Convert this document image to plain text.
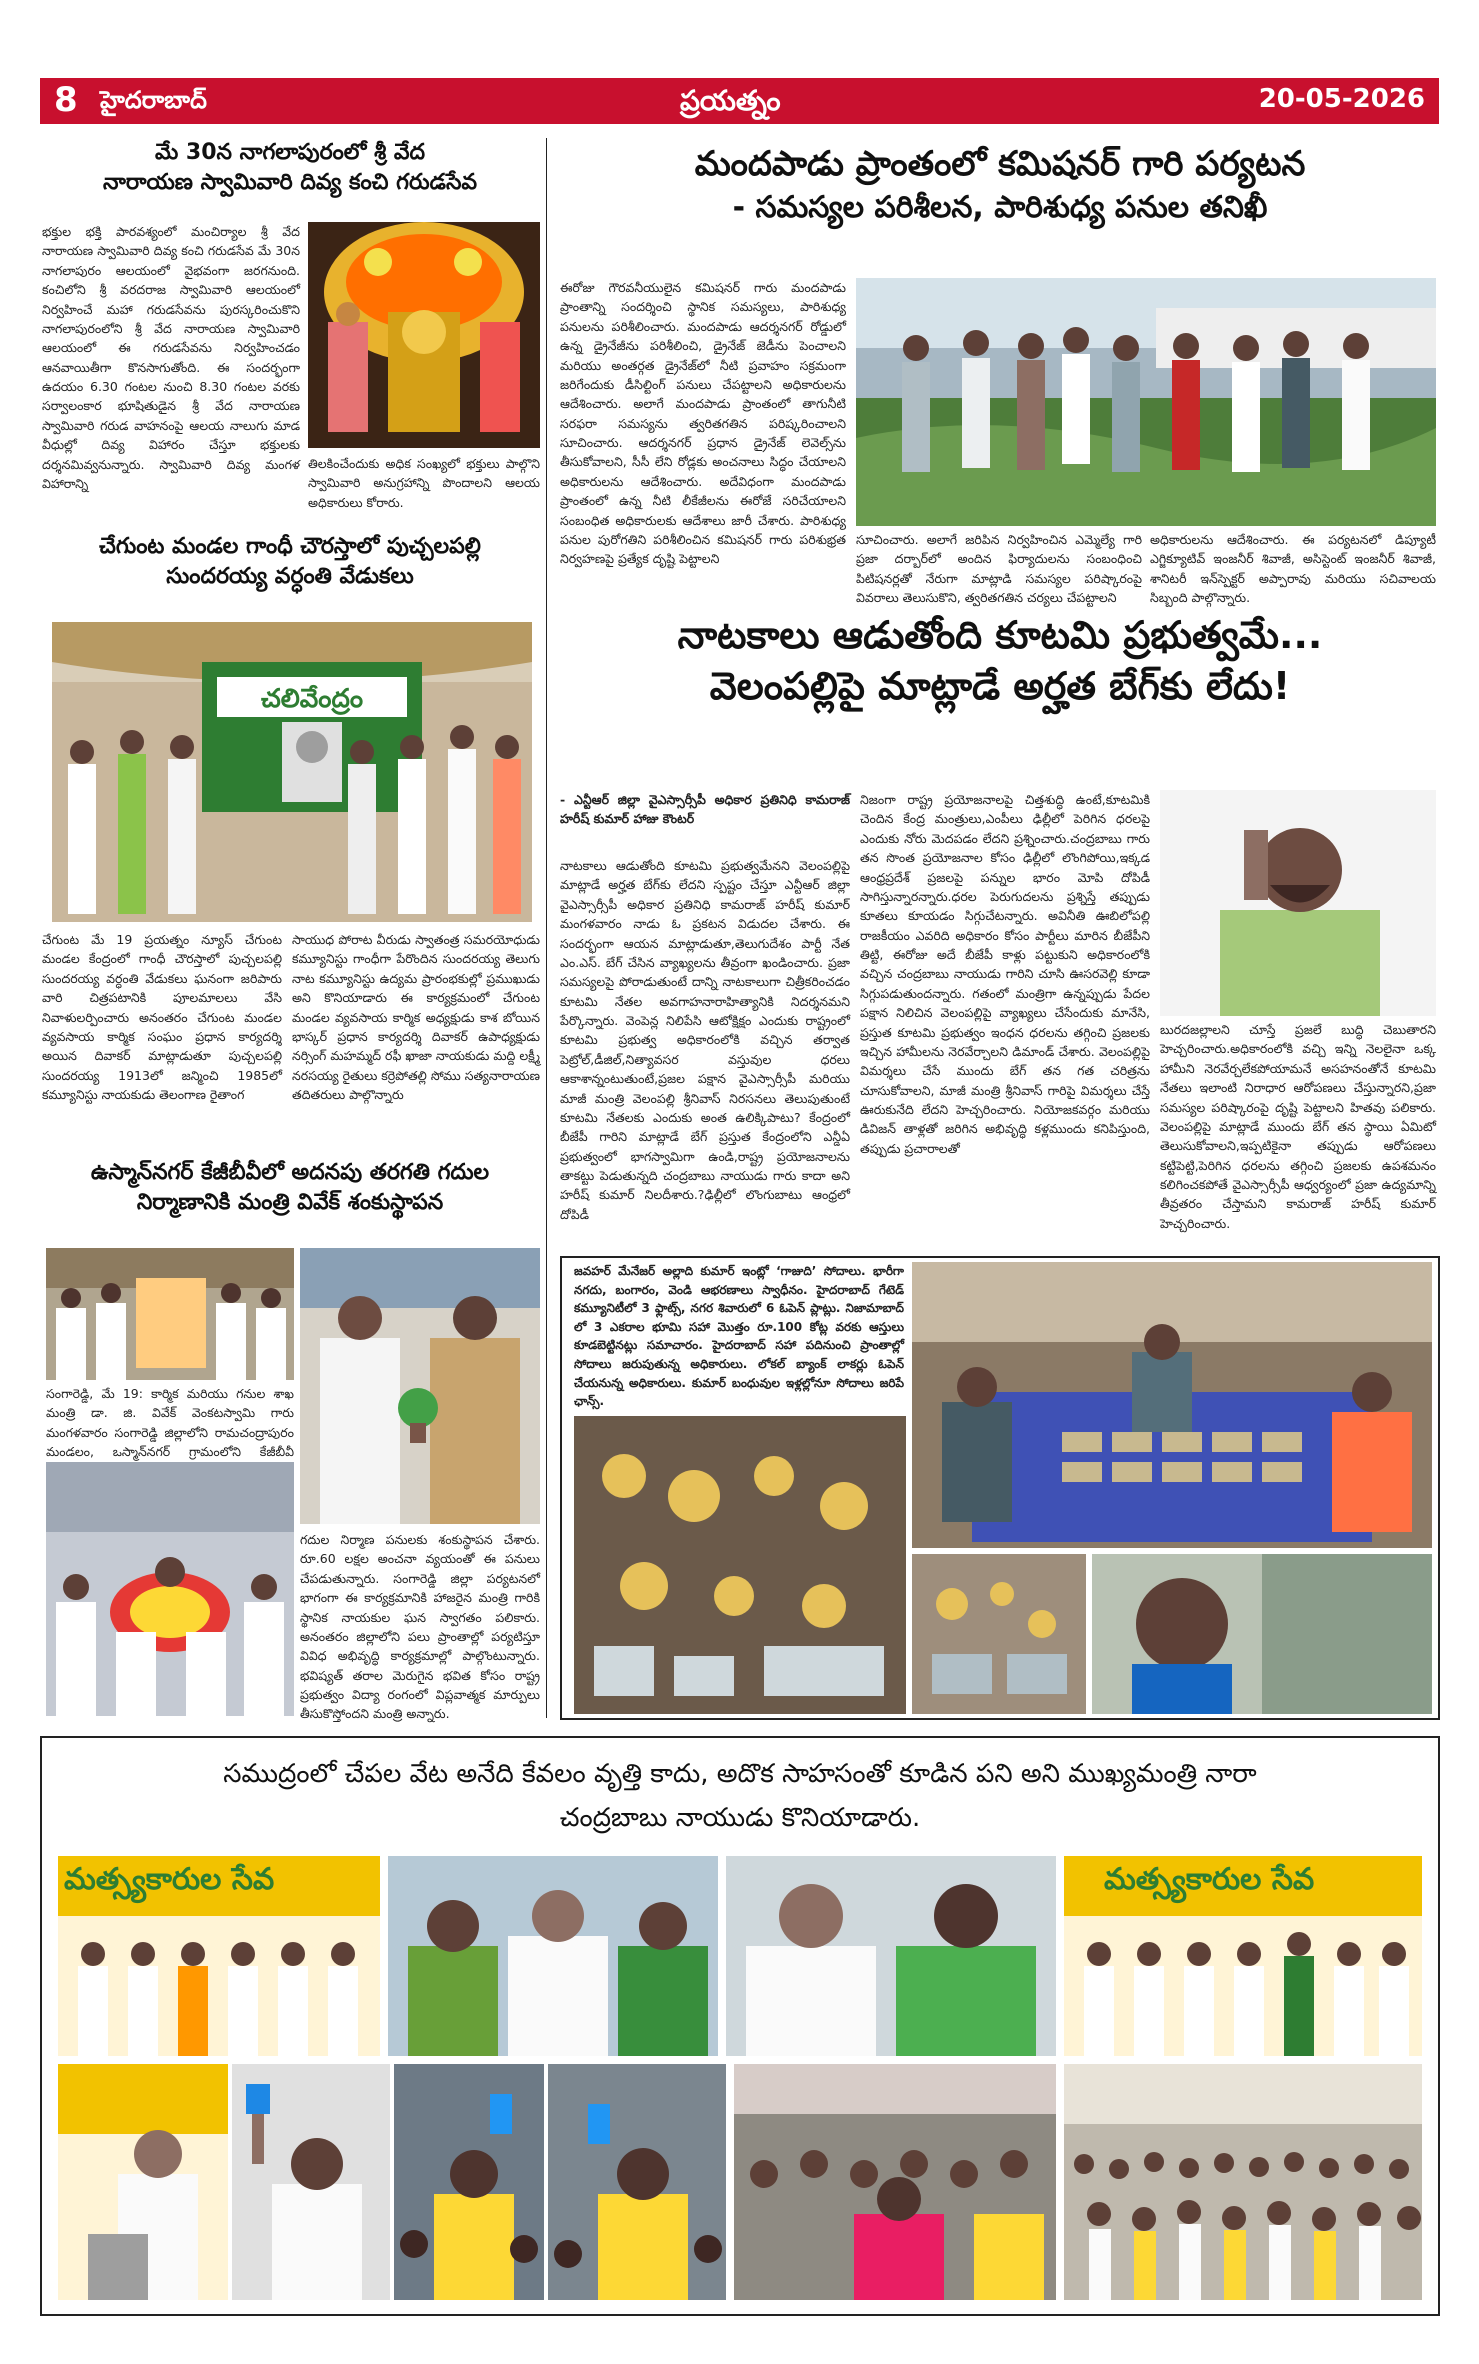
8 హైదరాబాద్	ప్రయత్నం	20-05-2026
మే 30న నాగలాపురంలో శ్రీ వేద
నారాయణ స్వామివారి దివ్య కంచి గరుడసేవ
భక్తుల భక్తి పారవశ్యంలో మంచిర్యాల శ్రీ వేద నారాయణ స్వామివారి దివ్య కంచి గరుడసేవ మే 30న నాగలాపురం ఆలయంలో వైభవంగా జరగనుంది. కంచిలోని శ్రీ వరదరాజ స్వామివారి ఆలయంలో నిర్వహించే మహా గరుడసేవను పురస్కరించుకొని నాగలాపురంలోని శ్రీ వేద నారాయణ స్వామివారి ఆలయంలో ఈ గరుడసేవను నిర్వహించడం ఆనవాయితీగా కొనసాగుతోంది. ఈ సందర్భంగా ఉదయం 6.30 గంటల నుంచి 8.30 గంటల వరకు సర్వాలంకార భూషితుడైన శ్రీ వేద నారాయణ స్వామివారి గరుడ వాహనంపై ఆలయ నాలుగు మాడ వీధుల్లో దివ్య విహారం చేస్తూ భక్తులకు దర్శనమివ్వనున్నారు. స్వామివారి దివ్య మంగళ విహారాన్ని
తిలకించేందుకు అధిక సంఖ్యలో భక్తులు పాల్గొని స్వామివారి అనుగ్రహాన్ని పొందాలని ఆలయ అధికారులు కోరారు.
చేగుంట మండల గాంధీ చౌరస్తాలో పుచ్చలపల్లి
సుందరయ్య వర్ధంతి వేడుకలు
చలివేంద్రం
చేగుంట మే 19 ప్రయత్నం న్యూస్ చేగుంట మండల కేంద్రంలో గాంధీ చౌరస్తాలో పుచ్చలపల్లి సుందరయ్య వర్ధంతి వేడుకలు ఘనంగా జరిపారు వారి చిత్రపటానికి పూలమాలలు వేసి నివాళులర్పించారు అనంతరం చేగుంట మండల వ్యవసాయ కార్మిక సంఘం ప్రధాన కార్యదర్శి అయిన దివాకర్ మాట్లాడుతూ పుచ్చలపల్లి సుందరయ్య 1913లో జన్మించి 1985లో కమ్యూనిస్టు నాయకుడు తెలంగాణ రైతాంగ
సాయుధ పోరాట వీరుడు స్వాతంత్ర సమరయోధుడు కమ్యూనిస్టు గాంధీగా పేరొందిన సుందరయ్య తెలుగు నాట కమ్యూనిస్టు ఉద్యమ ప్రారంభకుల్లో ప్రముఖుడు అని కొనియాడారు ఈ కార్యక్రమంలో చేగుంట మండల వ్యవసాయ కార్మిక అధ్యక్షుడు కాశ బోయిన భాస్కర్ ప్రధాన కార్యదర్శి దివాకర్ ఉపాధ్యక్షుడు నర్సింగ్ మహమ్మద్ రఫీ ఖాజా నాయకుడు మద్ది లక్ష్మీ నరసయ్య రైతులు కర్రెపోతల్లి సోము సత్యనారాయణ తదితరులు పాల్గొన్నారు
ఉస్మాన్‌నగర్ కేజీబీవీలో అదనపు తరగతి గదుల
నిర్మాణానికి మంత్రి వివేక్ శంకుస్థాపన
సంగారెడ్డి, మే 19: కార్మిక మరియు గనుల శాఖ మంత్రి డా. జి. వివేక్ వెంకటస్వామి గారు మంగళవారం సంగారెడ్డి జిల్లాలోని రామచంద్రాపురం మండలం, ఒస్మాన్‌నగర్ గ్రామంలోని కేజీబీవీ
గదుల నిర్మాణ పనులకు శంకుస్థాపన చేశారు. రూ.60 లక్షల అంచనా వ్యయంతో ఈ పనులు చేపడుతున్నారు. సంగారెడ్డి జిల్లా పర్యటనలో భాగంగా ఈ కార్యక్రమానికి హాజరైన మంత్రి గారికి స్థానిక నాయకుల ఘన స్వాగతం పలికారు. అనంతరం జిల్లాలోని పలు ప్రాంతాల్లో పర్యటిస్తూ వివిధ అభివృద్ధి కార్యక్రమాల్లో పాల్గొంటున్నారు. భవిష్యత్ తరాల మెరుగైన భవిత కోసం రాష్ట్ర ప్రభుత్వం విద్యా రంగంలో విప్లవాత్మక మార్పులు తీసుకొస్తోందని మంత్రి అన్నారు.
మందపాడు ప్రాంతంలో కమిషనర్ గారి పర్యటన
- సమస్యల పరిశీలన, పారిశుధ్య పనుల తనిఖీ
ఈరోజు గౌరవనీయులైన కమిషనర్ గారు మందపాడు ప్రాంతాన్ని సందర్శించి స్థానిక సమస్యలు, పారిశుధ్య పనులను పరిశీలించారు. మందపాడు ఆదర్శనగర్ రోడ్డులో ఉన్న డ్రైనేజీను పరిశీలించి, డ్రైనేజ్ జెడీను పెంచాలని మరియు అంతర్గత డ్రైనేజ్‌లో నీటి ప్రవాహం సక్రమంగా జరిగేందుకు డీసిల్టింగ్ పనులు చేపట్టాలని అధికారులను ఆదేశించారు. అలాగే మందపాడు ప్రాంతంలో తాగునీటి సరఫరా సమస్యను త్వరితగతిన పరిష్కరించాలని సూచించారు. ఆదర్శనగర్ ప్రధాన డ్రైనేజ్ లెవెల్స్‌ను తీసుకోవాలని, సీసీ లేని రోడ్లకు అంచనాలు సిద్ధం చేయాలని అధికారులను ఆదేశించారు. అదేవిధంగా మందపాడు ప్రాంతంలో ఉన్న నీటి లీకేజీలను ఈరోజే సరిచేయాలని సంబంధిత అధికారులకు ఆదేశాలు జారీ చేశారు. పారిశుధ్య పనుల పురోగతిని పరిశీలించిన కమిషనర్ గారు పరిశుభ్రత నిర్వహణపై ప్రత్యేక దృష్టి పెట్టాలని
సూచించారు. అలాగే జరిపిన నిర్వహించిన ఎమ్మెల్యే గారి ప్రజా దర్బార్‌లో అందిన ఫిర్యాదులను సంబంధించి పిటిషనర్లతో నేరుగా మాట్లాడి సమస్యల పరిష్కారంపై వివరాలు తెలుసుకొని, త్వరితగతిన చర్యలు చేపట్టాలని
అధికారులను ఆదేశించారు. ఈ పర్యటనలో డిప్యూటీ ఎగ్జిక్యూటివ్ ఇంజనీర్ శివాజీ, అసిస్టెంట్ ఇంజనీర్ శివాజీ, శానిటరీ ఇన్‌స్పెక్టర్ అప్పారావు మరియు సచివాలయ సిబ్బంది పాల్గొన్నారు.
నాటకాలు ఆడుతోంది కూటమి ప్రభుత్వమే...
వెలంపల్లిపై మాట్లాడే అర్హత బేగ్‌కు లేదు!
- ఎన్టీఆర్ జిల్లా వైఎస్సార్సీపీ అధికార ప్రతినిధి కామరాజ్ హరీష్ కుమార్ హాజు కౌంటర్
నాటకాలు ఆడుతోంది కూటమి ప్రభుత్వమేనని వెలంపల్లిపై మాట్లాడే అర్హత బేగ్‌కు లేదని స్పష్టం చేస్తూ ఎన్టీఆర్ జిల్లా వైఎస్సార్సీపీ అధికార ప్రతినిధి కామరాజ్ హరీష్ కుమార్ మంగళవారం నాడు ఓ ప్రకటన విడుదల చేశారు. ఈ సందర్భంగా ఆయన మాట్లాడుతూ,తెలుగుదేశం పార్టీ నేత ఎం.ఎస్. బేగ్ చేసిన వ్యాఖ్యలను తీవ్రంగా ఖండించారు. ప్రజా సమస్యలపై పోరాడుతుంటే దాన్ని నాటకాలుగా చిత్రీకరించడం కూటమి నేతల అవగాహనారాహిత్యానికి నిదర్శనమని పేర్కొన్నారు. వెంపెన్ల నిలిపేసి ఆటోక్షిక్షం ఎందుకు రాష్ట్రంలో కూటమి ప్రభుత్వ అధికారంలోకి వచ్చిన తర్వాత పెట్రోల్,డీజిల్,నిత్యావసర వస్తువుల ధరలు ఆకాశాన్నంటుతుంటే,ప్రజల పక్షాన వైఎస్సార్సీపీ మరియు మాజీ మంత్రి వెలంపల్లి శ్రీనివాస్ నిరసనలు తెలుపుతుంటే కూటమి నేతలకు ఎందుకు అంత ఉలిక్కిపాటు? కేంద్రంలో బీజేపీ గారిని మాట్లాడే బేగ్ ప్రస్తుత కేంద్రంలోని ఎన్డీఏ ప్రభుత్వంలో భాగస్వామిగా ఉండి,రాష్ట్ర ప్రయోజనాలను తాకట్టు పెడుతున్నది చంద్రబాబు నాయుడు గారు కాదా అని హరీష్ కుమార్ నిలదీశారు.?ఢిల్లీలో లొంగుబాటు ఆంధ్రలో దోపిడీ
నిజంగా రాష్ట్ర ప్రయోజనాలపై చిత్తశుద్ధి ఉంటే,కూటమికి చెందిన కేంద్ర మంత్రులు,ఎంపీలు ఢిల్లీలో పెరిగిన ధరలపై ఎందుకు నోరు మెదపడం లేదని ప్రశ్నించారు.చంద్రబాబు గారు తన సొంత ప్రయోజనాల కోసం ఢిల్లీలో లొంగిపోయి,ఇక్కడ ఆంధ్రప్రదేశ్ ప్రజలపై పన్నుల భారం మోపి దోపిడీ సాగిస్తున్నారన్నారు.ధరల పెరుగుదలను ప్రశ్నిస్తే తప్పుడు కూతలు కూయడం సిగ్గుచేటన్నారు. అవినీతి ఊబిలోపల్లి రాజకీయం ఎవరిది అధికారం కోసం పార్టీలు మారిన బీజేపీని తిట్టి, ఈరోజు అదే బీజేపీ కాళ్లు పట్టుకుని అధికారంలోకి వచ్చిన చంద్రబాబు నాయుడు గారిని చూసి ఊసరవెల్లి కూడా సిగ్గుపడుతుందన్నారు. గతంలో మంత్రిగా ఉన్నప్పుడు పేదల పక్షాన నిలిచిన వెలంపల్లిపై వ్యాఖ్యలు చేసేందుకు మానేసి, ప్రస్తుత కూటమి ప్రభుత్వం ఇంధన ధరలను తగ్గించి ప్రజలకు ఇచ్చిన హామీలను నెరవేర్చాలని డిమాండ్ చేశారు. వెలంపల్లిపై విమర్శలు చేసే ముందు బేగ్ తన గత చరిత్రను చూసుకోవాలని, మాజీ మంత్రి శ్రీనివాస్ గారిపై విమర్శలు చేస్తే ఊరుకునేది లేదని హెచ్చరించారు. నియోజకవర్గం మరియు డివిజన్ తాళ్లతో జరిగిన అభివృద్ధి కళ్లముందు కనిపిస్తుంది, తప్పుడు ప్రచారాలతో
బురదజల్లాలని చూస్తే ప్రజలే బుద్ధి చెబుతారని హెచ్చరించారు.అధికారంలోకి వచ్చి ఇన్ని నెలలైనా ఒక్క హామీని నెరవేర్చలేకపోయామనే అసహనంతోనే కూటమి నేతలు ఇలాంటి నిరాధార ఆరోపణలు చేస్తున్నారని,ప్రజా సమస్యల పరిష్కారంపై దృష్టి పెట్టాలని హితవు పలికారు. వెలంపల్లిపై మాట్లాడే ముందు బేగ్ తన స్థాయి ఏమిటో తెలుసుకోవాలని,ఇప్పటికైనా తప్పుడు ఆరోపణలు కట్టిపెట్టి,పెరిగిన ధరలను తగ్గించి ప్రజలకు ఉపశమనం కలిగించకపోతే వైఎస్సార్సీపీ ఆధ్వర్యంలో ప్రజా ఉద్యమాన్ని తీవ్రతరం చేస్తామని కామరాజ్ హరీష్ కుమార్ హెచ్చరించారు.
జవహర్ మేనేజర్ అల్లాది కుమార్ ఇంట్లో ‘గాజుది’ సోదాలు. భారీగా నగదు, బంగారం, వెండి ఆభరణాలు స్వాధీనం. హైదరాబాద్ గేటెడ్ కమ్యూనిటీలో 3 ఫ్లాట్స్, నగర శివారులో 6 ఓపెన్ ప్లాట్లు. నిజామాబాద్ లో 3 ఎకరాల భూమి సహా మొత్తం రూ.100 కోట్ల వరకు ఆస్తులు కూడబెట్టినట్లు సమాచారం. హైదరాబాద్ సహా పదినుంచి ప్రాంతాల్లో సోదాలు జరుపుతున్న అధికారులు. లోకల్ బ్యాంక్ లాకర్లు ఓపెన్ చేయనున్న అధికారులు. కుమార్ బంధువుల ఇళ్లల్లోనూ సోదాలు జరిపే ఛాన్స్.
సముద్రంలో చేపల వేట అనేది కేవలం వృత్తి కాదు, అదొక సాహసంతో కూడిన పని అని ముఖ్యమంత్రి నారా
చంద్రబాబు నాయుడు కొనియాడారు.
మత్స్యకారుల సేవ	మత్స్యకారుల సేవ
